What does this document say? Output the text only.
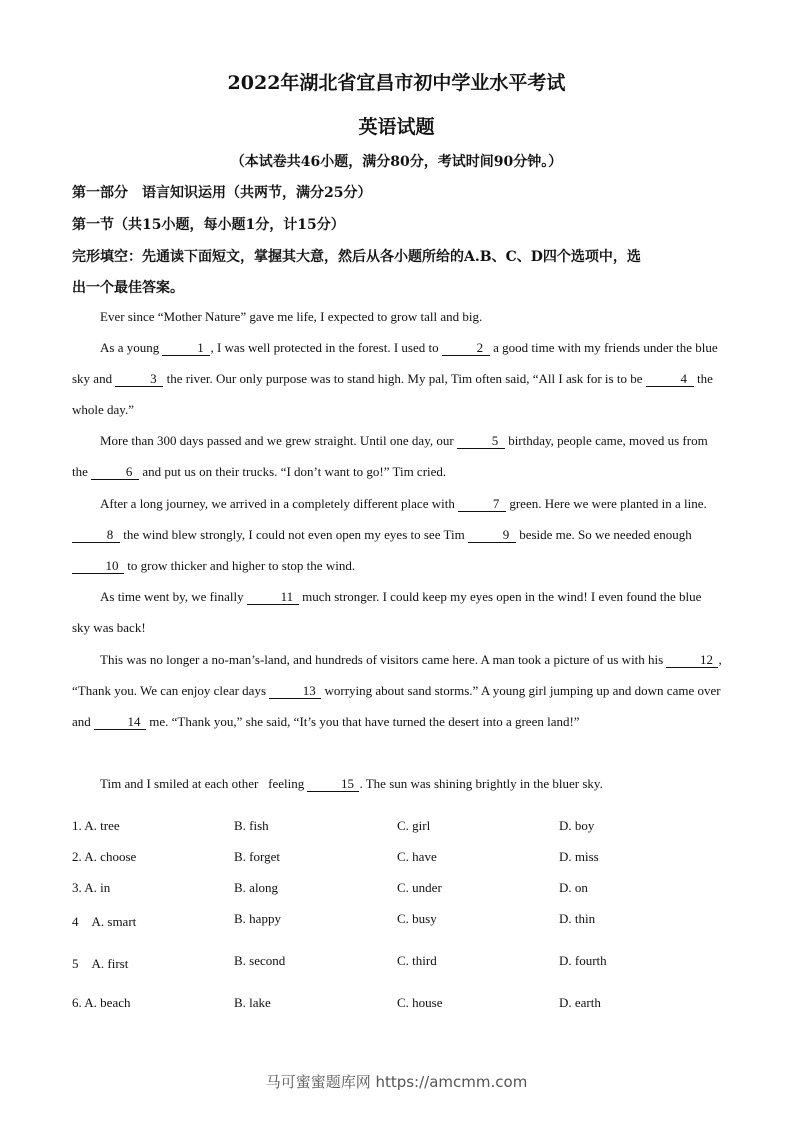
2022年湖北省宜昌市初中学业水平考试
英语试题
（本试卷共46小题，满分80分，考试时间90分钟。）
第一部分　语言知识运用（共两节，满分25分）
第一节（共15小题，每小题1分，计15分）
完形填空：先通读下面短文，掌握其大意，然后从各小题所给的A.B、C、D四个选项中，选
出一个最佳答案。

Ever since “Mother Nature” gave me life, I expected to grow tall and big.

As a young	1 , I was well protected in the forest. I used to	2 a good time with my friends under the blue sky and	3 the river. Our only purpose was to stand high. My pal, Tim often said, “All I ask for is to be	4 the whole day.”

More than 300 days passed and we grew straight. Until one day, our	5 birthday, people came, moved us from the	6 and put us on their trucks. “I don’t want to go!” Tim cried.

After a long journey, we arrived in a completely different place with	7 green. Here we were planted in a line. 8 the wind blew strongly, I could not even open my eyes to see Tim	9 beside me. So we needed enough 10 to grow thicker and higher to stop the wind.

As time went by, we finally	11 much stronger. I could keep my eyes open in the wind! I even found the blue sky was back!

This was no longer a no-man’s-land, and hundreds of visitors came here. A man took a picture of us with his	12 , “Thank you. We can enjoy clear days	13 worrying about sand storms.” A young girl jumping up and down came over and	14 me. “Thank you,” she said, “It’s you that have turned the desert into a green land!”

Tim and I smiled at each other   feeling	15 . The sun was shining brightly in the bluer sky.

1. A. tree	B. fish	C. girl	D. boy
2. A. choose	B. forget	C. have	D. miss
3. A. in	B. along	C. under	D. on
4　A. smart	B. happy	C. busy	D. thin
5　A. first	B. second	C. third	D. fourth
6. A. beach	B. lake	C. house	D. earth
马可蜜蜜题库网 https://amcmm.com
